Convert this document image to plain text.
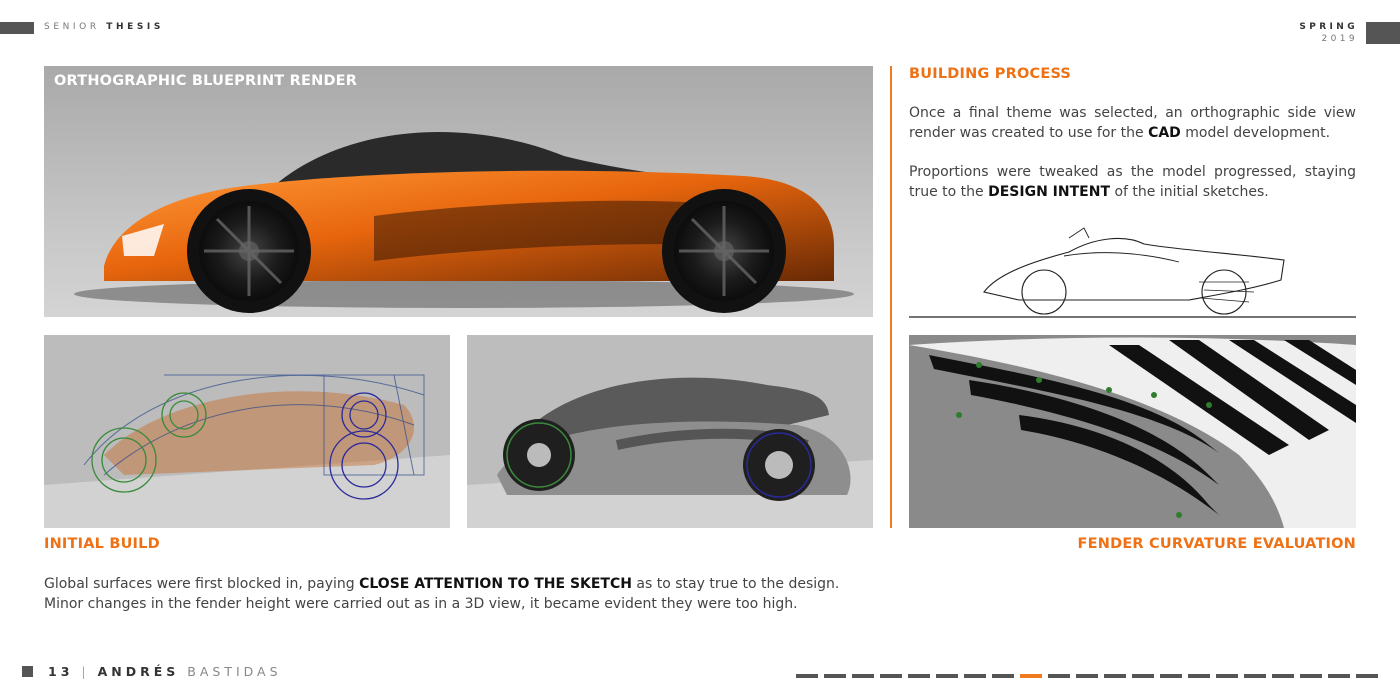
SENIOR THESIS	SPRING
2019
ORTHOGRAPHIC BLUEPRINT RENDER	BUILDING PROCESS
Once a final theme was selected, an orthographic side view render was created to use for the CAD model development.
Proportions were tweaked as the model progressed, staying true to the DESIGN INTENT of the initial sketches.
INITIAL BUILD	FENDER CURVATURE EVALUATION
Global surfaces were first blocked in, paying CLOSE ATTENTION TO THE SKETCH as to stay true to the design. Minor changes in the fender height were carried out as in a 3D view, it became evident they were too high.
13 | ANDRÉS BASTIDAS
